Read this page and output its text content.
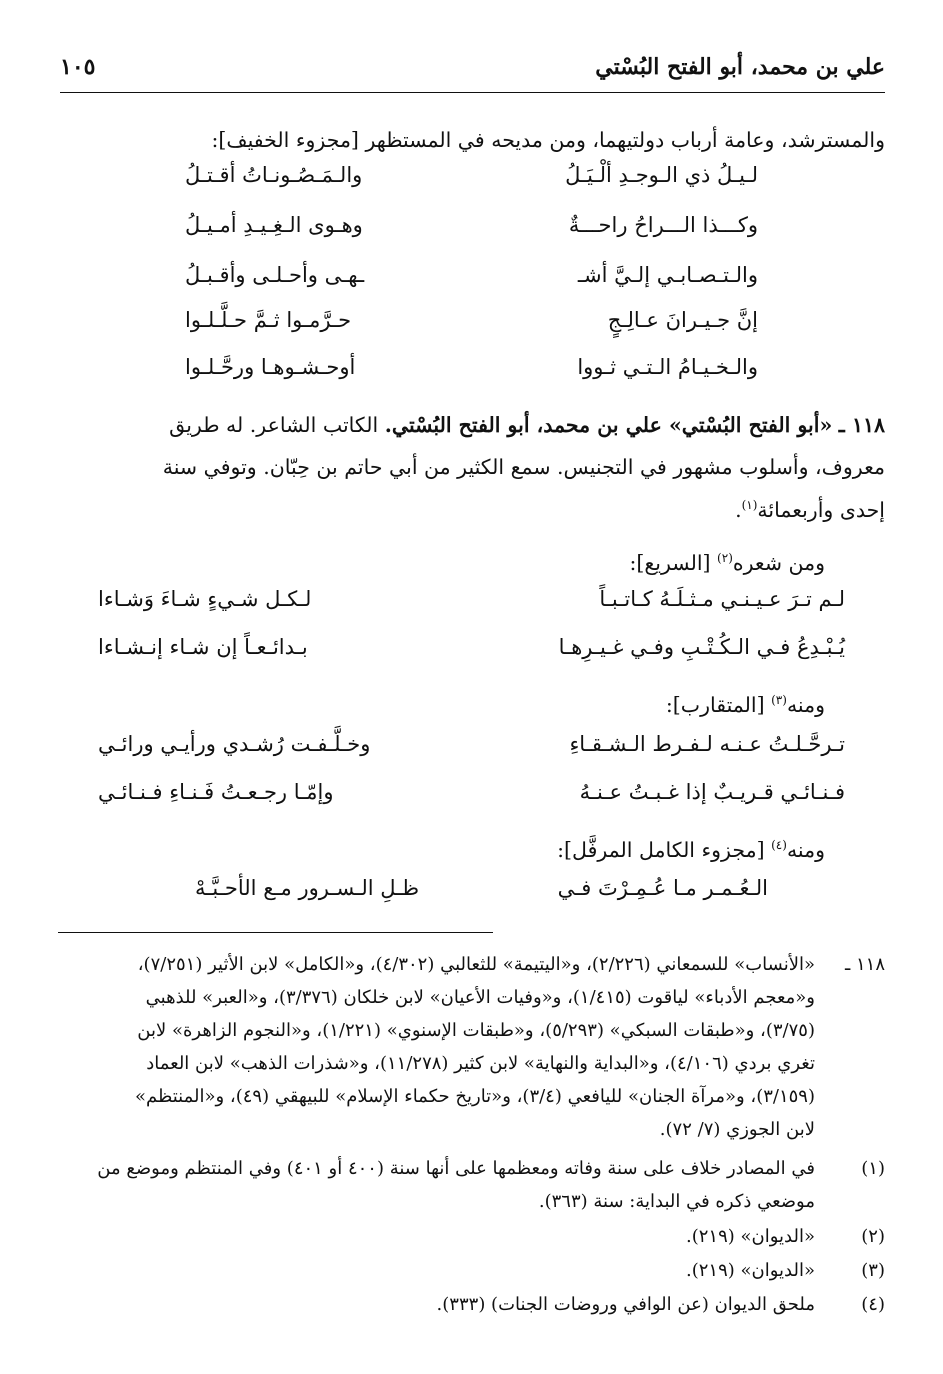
علي بن محمد، أبو الفتح البُسْتي
١٠٥
والمسترشد، وعامة أرباب دولتيهما، ومن مديحه في المستظهر [مجزوء الخفيف]:
لـيـلُ ذي الـوجـدِ ألْـيَـلُ
والـمَـصُـونـاتُ أقـتـلُ
وكـــذا الـــراحُ راحـــةٌ
وهـوى الـغِـيـدِ أمـيـلُ
والـتـصـابـي إلـيَّ أشـ
ـهـى وأحـلـى وأقـبـلُ
إنَّ جـيـرانَ عـالِـجٍ
حـرَّمـوا ثـمَّ حـلَّـلـوا
والـخـيـامُ الـتـي ثـووا
أوحـشـوهـا ورحَّـلـوا
١١٨ ـ «أبو الفتح البُسْتي» علي بن محمد، أبو الفتح البُسْتي. الكاتب الشاعر. له طريق
معروف، وأسلوب مشهور في التجنيس. سمع الكثير من أبي حاتم بن حِبّان. وتوفي سنة
إحدى وأربعمائة$^{(١)}$.
ومن شعره$^{(٢)}$ [السريع]:
لـم تـرَ عـيـنـي مـثـلَـهُ كـاتـبـاً
لـكـل شـيءٍ شـاءَ وَشـاءا
يُـبْـدِعُ فـي الـكُـتْـبِ وفـي غـيـرِهـا
بـدائـعـاً إن شـاء إنـشـاءا
ومنه$^{(٣)}$ [المتقارب]:
تـرحَّـلـتُ عـنـه لـفـرط الـشـقـاءِ
وخـلَّـفـت رُشـدي ورأيـي ورائـي
فـنـائـي قـريـبٌ إذا غـبـتُ عـنـهُ
وإمّـا رجـعـتُ فَـنـاءِ فـنـائـي
ومنه$^{(٤)}$ [مجزوء الكامل المرفَّل]:
الـعُـمـر مـا عُـمِـرْتَ فـي
ظـلِ الـسـرور مـع الأحـبَّـهْ
١١٨ ـ
«الأنساب» للسمعاني (٢/٢٢٦)، و«اليتيمة» للثعالبي (٤/٣٠٢)، و«الكامل» لابن الأثير (٧/٢٥١)،
و«معجم الأدباء» لياقوت (١/٤١٥)، و«وفيات الأعيان» لابن خلكان (٣/٣٧٦)، و«العبر» للذهبي
(٣/٧٥)، و«طبقات السبكي» (٥/٢٩٣)، و«طبقات الإسنوي» (١/٢٢١)، و«النجوم الزاهرة» لابن
تغري بردي (٤/١٠٦)، و«البداية والنهاية» لابن كثير (١١/٢٧٨)، و«شذرات الذهب» لابن العماد
(٣/١٥٩)، و«مرآة الجنان» لليافعي (٣/٤)، و«تاريخ حكماء الإسلام» للبيهقي (٤٩)، و«المنتظم»
لابن الجوزي (٧/ ٧٢).
(١)
في المصادر خلاف على سنة وفاته ومعظمها على أنها سنة (٤٠٠ أو ٤٠١) وفي المنتظم وموضع من
موضعي ذكره في البداية: سنة (٣٦٣).
(٢)
«الديوان» (٢١٩).
(٣)
«الديوان» (٢١٩).
(٤)
ملحق الديوان (عن الوافي وروضات الجنات) (٣٣٣).
